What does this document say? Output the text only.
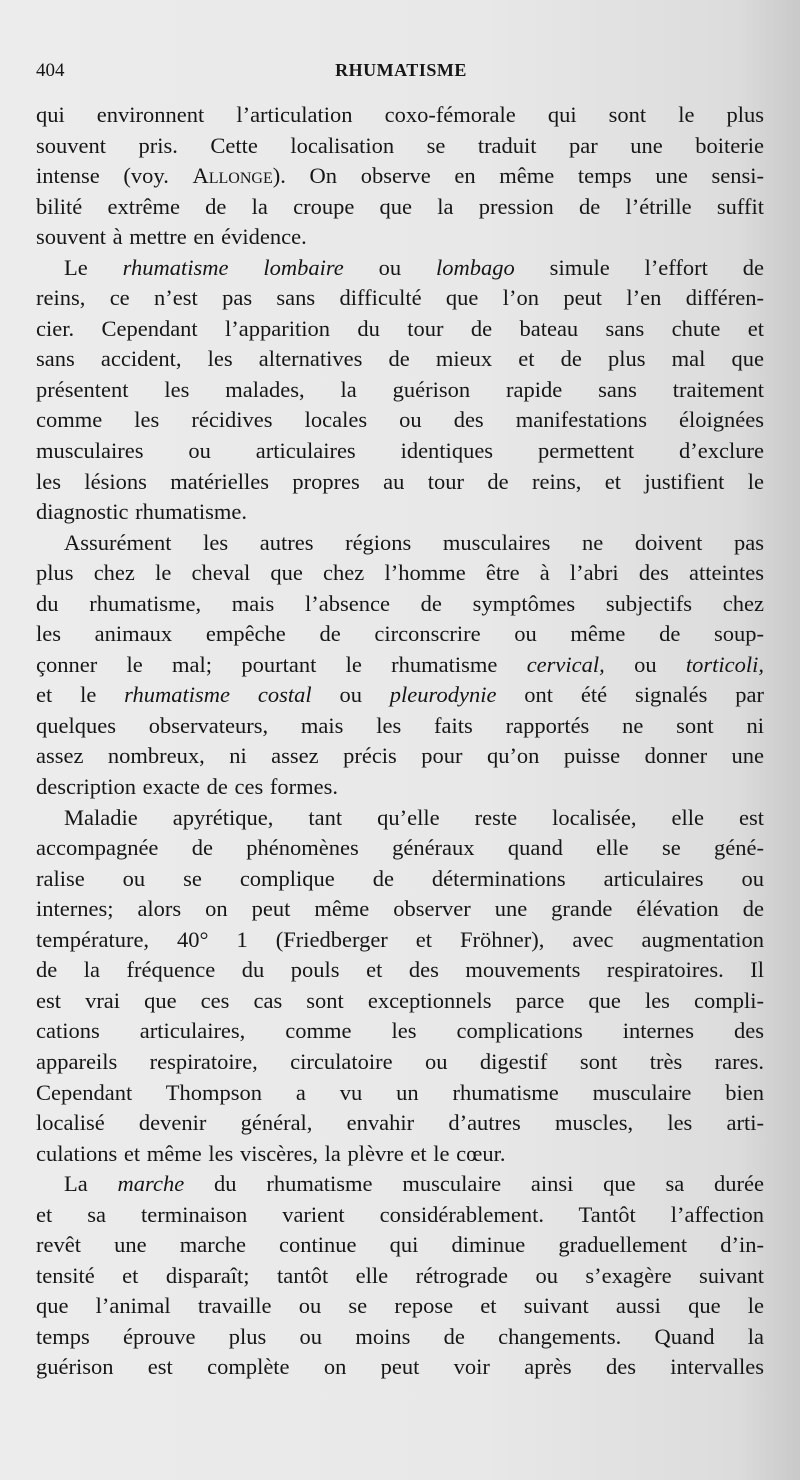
404	RHUMATISME
qui environnent l’articulation coxo-fémorale qui sont le plus
souvent pris. Cette localisation se traduit par une boiterie
intense (voy. Allonge). On observe en même temps une sensi-
bilité extrême de la croupe que la pression de l’étrille suffit
souvent à mettre en évidence.
Le rhumatisme lombaire ou lombago simule l’effort de
reins, ce n’est pas sans difficulté que l’on peut l’en différen-
cier. Cependant l’apparition du tour de bateau sans chute et
sans accident, les alternatives de mieux et de plus mal que
présentent les malades, la guérison rapide sans traitement
comme les récidives locales ou des manifestations éloignées
musculaires ou articulaires identiques permettent d’exclure
les lésions matérielles propres au tour de reins, et justifient le
diagnostic rhumatisme.
Assurément les autres régions musculaires ne doivent pas
plus chez le cheval que chez l’homme être à l’abri des atteintes
du rhumatisme, mais l’absence de symptômes subjectifs chez
les animaux empêche de circonscrire ou même de soup-
çonner le mal; pourtant le rhumatisme cervical, ou torticoli,
et le rhumatisme costal ou pleurodynie ont été signalés par
quelques observateurs, mais les faits rapportés ne sont ni
assez nombreux, ni assez précis pour qu’on puisse donner une
description exacte de ces formes.
Maladie apyrétique, tant qu’elle reste localisée, elle est
accompagnée de phénomènes généraux quand elle se géné-
ralise ou se complique de déterminations articulaires ou
internes; alors on peut même observer une grande élévation de
température, 40° 1 (Friedberger et Fröhner), avec augmentation
de la fréquence du pouls et des mouvements respiratoires. Il
est vrai que ces cas sont exceptionnels parce que les compli-
cations articulaires, comme les complications internes des
appareils respiratoire, circulatoire ou digestif sont très rares.
Cependant Thompson a vu un rhumatisme musculaire bien
localisé devenir général, envahir d’autres muscles, les arti-
culations et même les viscères, la plèvre et le cœur.
La marche du rhumatisme musculaire ainsi que sa durée
et sa terminaison varient considérablement. Tantôt l’affection
revêt une marche continue qui diminue graduellement d’in-
tensité et disparaît; tantôt elle rétrograde ou s’exagère suivant
que l’animal travaille ou se repose et suivant aussi que le
temps éprouve plus ou moins de changements. Quand la
guérison est complète on peut voir après des intervalles
